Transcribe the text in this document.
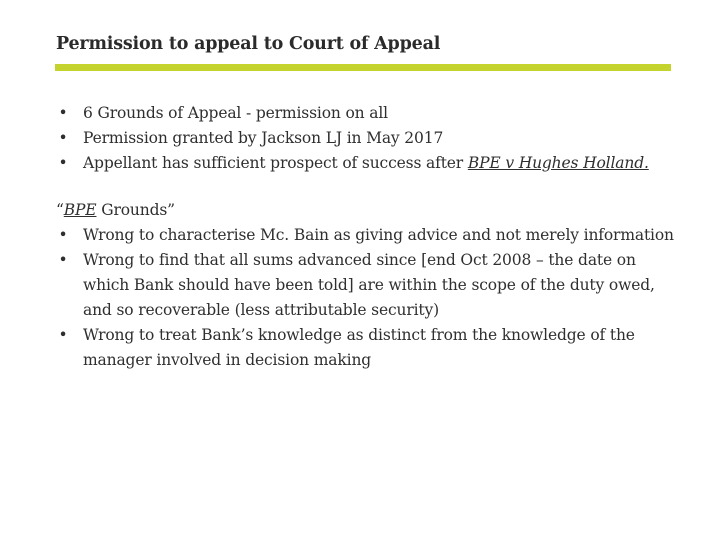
Permission to appeal to Court of Appeal
• 6 Grounds of Appeal - permission on all
• Permission granted by Jackson LJ in May 2017
• Appellant has sufficient prospect of success after BPE v Hughes Holland.

“BPE Grounds”

• Wrong to characterise Mc. Bain as giving advice and not merely information
• Wrong to find that all sums advanced since [end Oct 2008 – the date on which Bank should have been told] are within the scope of the duty owed, and so recoverable (less attributable security)
• Wrong to treat Bank’s knowledge as distinct from the knowledge of the manager involved in decision making
